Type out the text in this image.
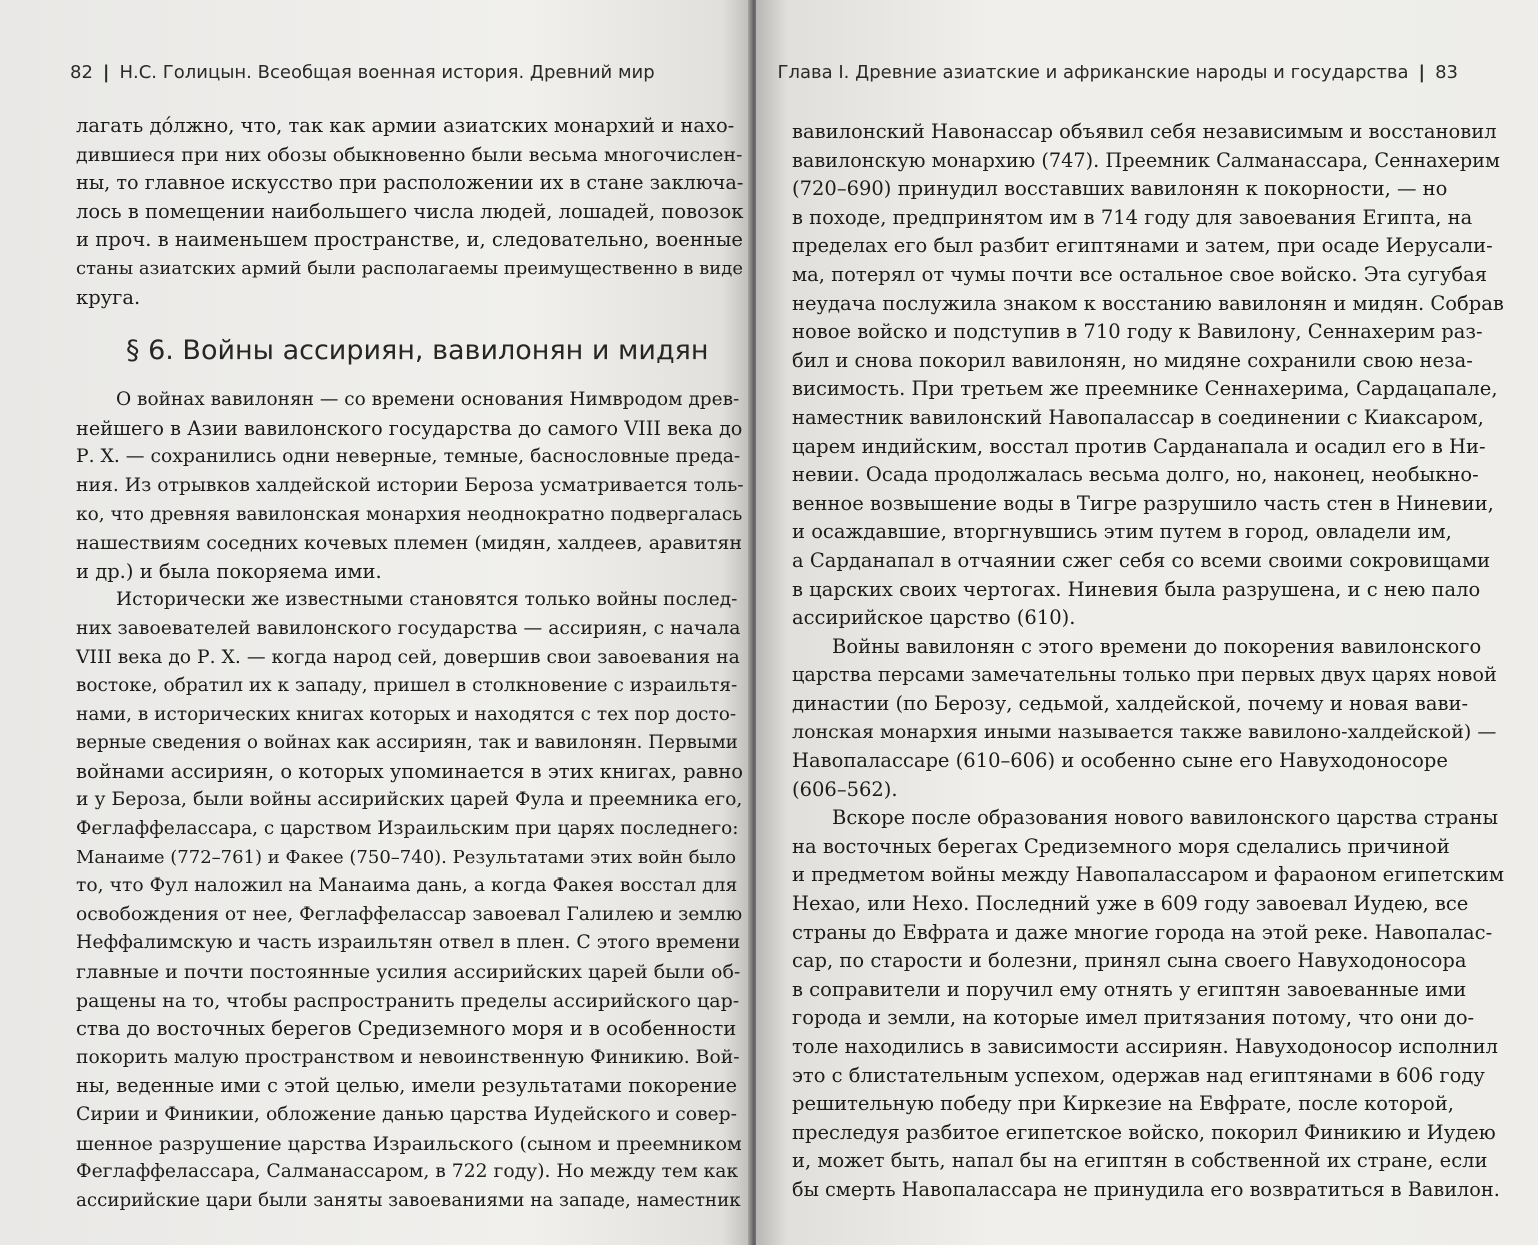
82 | Н.С. Голицын. Всеобщая военная история. Древний мир
лагать дóлжно, что, так как армии азиатских монархий и нахо-
дившиеся при них обозы обыкновенно были весьма многочислен-
ны, то главное искусство при расположении их в стане заключа-
лось в помещении наибольшего числа людей, лошадей, повозок
и проч. в наименьшем пространстве, и, следовательно, военные
станы азиатских армий были располагаемы преимущественно в виде
круга.
§ 6. Войны ассириян, вавилонян и мидян
О войнах вавилонян — со времени основания Нимвродом древ-
нейшего в Азии вавилонского государства до самого VIII века до
Р. Х. — сохранились одни неверные, темные, баснословные преда-
ния. Из отрывков халдейской истории Бероза усматривается толь-
ко, что древняя вавилонская монархия неоднократно подвергалась
нашествиям соседних кочевых племен (мидян, халдеев, аравитян
и др.) и была покоряема ими.
Исторически же известными становятся только войны послед-
них завоевателей вавилонского государства — ассириян, с начала
VIII века до Р. Х. — когда народ сей, довершив свои завоевания на
востоке, обратил их к западу, пришел в столкновение с израильтя-
нами, в исторических книгах которых и находятся с тех пор досто-
верные сведения о войнах как ассириян, так и вавилонян. Первыми
войнами ассириян, о которых упоминается в этих книгах, равно
и у Бероза, были войны ассирийских царей Фула и преемника его,
Феглаффелассара, с царством Израильским при царях последнего:
Манаиме (772–761) и Факее (750–740). Результатами этих войн было
то, что Фул наложил на Манаима дань, а когда Факея восстал для
освобождения от нее, Феглаффелассар завоевал Галилею и землю
Неффалимскую и часть израильтян отвел в плен. С этого времени
главные и почти постоянные усилия ассирийских царей были об-
ращены на то, чтобы распространить пределы ассирийского цар-
ства до восточных берегов Средиземного моря и в особенности
покорить малую пространством и невоинственную Финикию. Вой-
ны, веденные ими с этой целью, имели результатами покорение
Сирии и Финикии, обложение данью царства Иудейского и совер-
шенное разрушение царства Израильского (сыном и преемником
Феглаффелассара, Салманассаром, в 722 году). Но между тем как
ассирийские цари были заняты завоеваниями на западе, наместник
Глава I. Древние азиатские и африканские народы и государства | 83
вавилонский Навонассар объявил себя независимым и восстановил
вавилонскую монархию (747). Преемник Салманассара, Сеннахерим
(720–690) принудил восставших вавилонян к покорности, — но
в походе, предпринятом им в 714 году для завоевания Египта, на
пределах его был разбит египтянами и затем, при осаде Иерусали-
ма, потерял от чумы почти все остальное свое войско. Эта сугубая
неудача послужила знаком к восстанию вавилонян и мидян. Собрав
новое войско и подступив в 710 году к Вавилону, Сеннахерим раз-
бил и снова покорил вавилонян, но мидяне сохранили свою неза-
висимость. При третьем же преемнике Сеннахерима, Сардацапале,
наместник вавилонский Навопалассар в соединении с Киаксаром,
царем индийским, восстал против Сарданапала и осадил его в Ни-
невии. Осада продолжалась весьма долго, но, наконец, необыкно-
венное возвышение воды в Тигре разрушило часть стен в Ниневии,
и осаждавшие, вторгнувшись этим путем в город, овладели им,
а Сарданапал в отчаянии сжег себя со всеми своими сокровищами
в царских своих чертогах. Ниневия была разрушена, и с нею пало
ассирийское царство (610).
Войны вавилонян с этого времени до покорения вавилонского
царства персами замечательны только при первых двух царях новой
династии (по Берозу, седьмой, халдейской, почему и новая вави-
лонская монархия иными называется также вавилоно-халдейской) —
Навопалассаре (610–606) и особенно сыне его Навуходоносоре
(606–562).
Вскоре после образования нового вавилонского царства страны
на восточных берегах Средиземного моря сделались причиной
и предметом войны между Навопалассаром и фараоном египетским
Нехао, или Нехо. Последний уже в 609 году завоевал Иудею, все
страны до Евфрата и даже многие города на этой реке. Навопалас-
сар, по старости и болезни, принял сына своего Навуходоносора
в соправители и поручил ему отнять у египтян завоеванные ими
города и земли, на которые имел притязания потому, что они до-
толе находились в зависимости ассириян. Навуходоносор исполнил
это с блистательным успехом, одержав над египтянами в 606 году
решительную победу при Киркезие на Евфрате, после которой,
преследуя разбитое египетское войско, покорил Финикию и Иудею
и, может быть, напал бы на египтян в собственной их стране, если
бы смерть Навопалассара не принудила его возвратиться в Вавилон.
